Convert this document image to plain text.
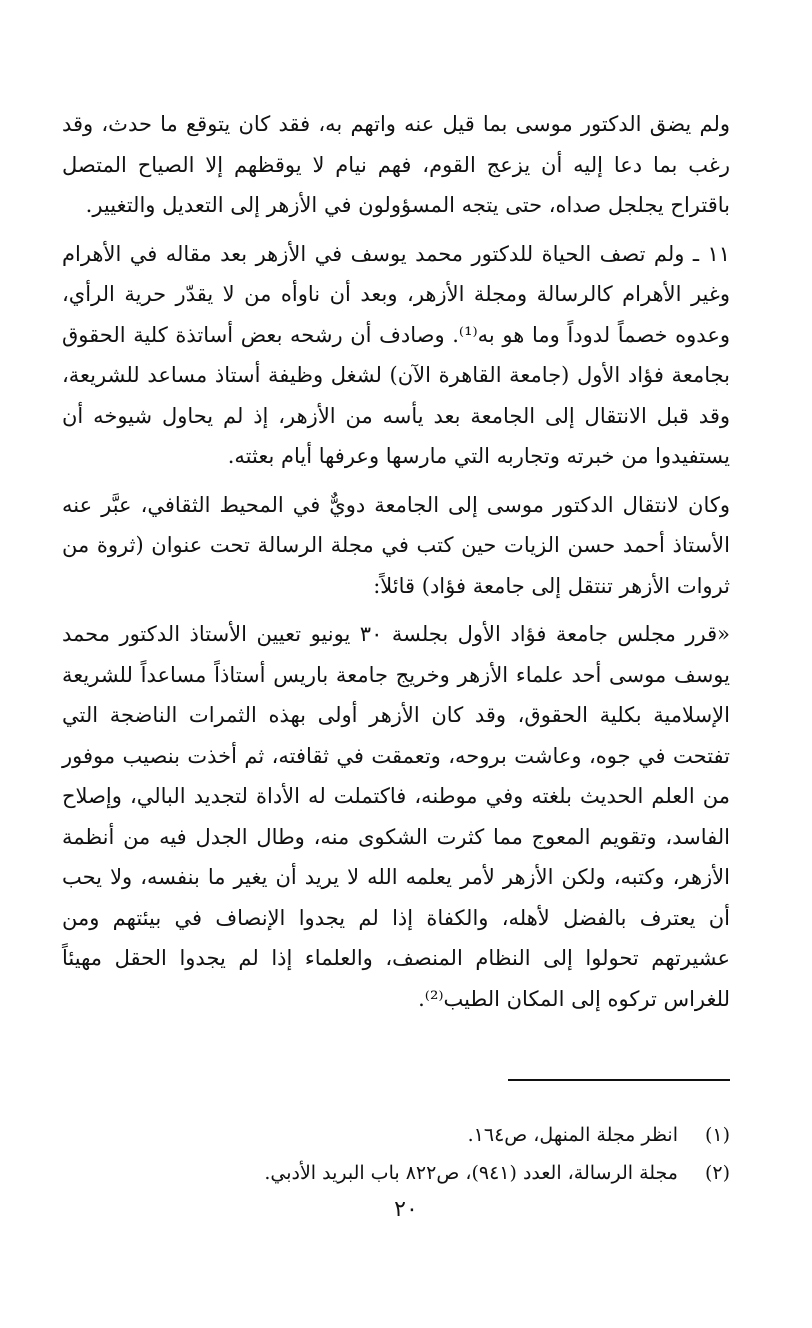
ولم يضق الدكتور موسى بما قيل عنه واتهم به، فقد كان يتوقع ما حدث، وقد رغب بما دعا إليه أن يزعج القوم، فهم نيام لا يوقظهم إلا الصياح المتصل باقتراح يجلجل صداه، حتى يتجه المسؤولون في الأزهر إلى التعديل والتغيير.

١١ ـ ولم تصف الحياة للدكتور محمد يوسف في الأزهر بعد مقاله في الأهرام وغير الأهرام كالرسالة ومجلة الأزهر، وبعد أن ناوأه من لا يقدّر حرية الرأي، وعدوه خصماً لدوداً وما هو به⁽¹⁾. وصادف أن رشحه بعض أساتذة كلية الحقوق بجامعة فؤاد الأول (جامعة القاهرة الآن) لشغل وظيفة أستاذ مساعد للشريعة، وقد قبل الانتقال إلى الجامعة بعد يأسه من الأزهر، إذ لم يحاول شيوخه أن يستفيدوا من خبرته وتجاربه التي مارسها وعرفها أيام بعثته.

وكان لانتقال الدكتور موسى إلى الجامعة دويٌّ في المحيط الثقافي، عبَّر عنه الأستاذ أحمد حسن الزيات حين كتب في مجلة الرسالة تحت عنوان (ثروة من ثروات الأزهر تنتقل إلى جامعة فؤاد) قائلاً:

«قرر مجلس جامعة فؤاد الأول بجلسة ٣٠ يونيو تعيين الأستاذ الدكتور محمد يوسف موسى أحد علماء الأزهر وخريج جامعة باريس أستاذاً مساعداً للشريعة الإسلامية بكلية الحقوق، وقد كان الأزهر أولى بهذه الثمرات الناضجة التي تفتحت في جوه، وعاشت بروحه، وتعمقت في ثقافته، ثم أخذت بنصيب موفور من العلم الحديث بلغته وفي موطنه، فاكتملت له الأداة لتجديد البالي، وإصلاح الفاسد، وتقويم المعوج مما كثرت الشكوى منه، وطال الجدل فيه من أنظمة الأزهر، وكتبه، ولكن الأزهر لأمر يعلمه الله لا يريد أن يغير ما بنفسه، ولا يحب أن يعترف بالفضل لأهله، والكفاة إذا لم يجدوا الإنصاف في بيئتهم ومن عشيرتهم تحولوا إلى النظام المنصف، والعلماء إذا لم يجدوا الحقل مهيئاً للغراس تركوه إلى المكان الطيب⁽²⁾.

(١)
انظر مجلة المنهل، ص١٦٤.
(٢)
مجلة الرسالة، العدد (٩٤١)، ص٨٢٢ باب البريد الأدبي.
٢٠
